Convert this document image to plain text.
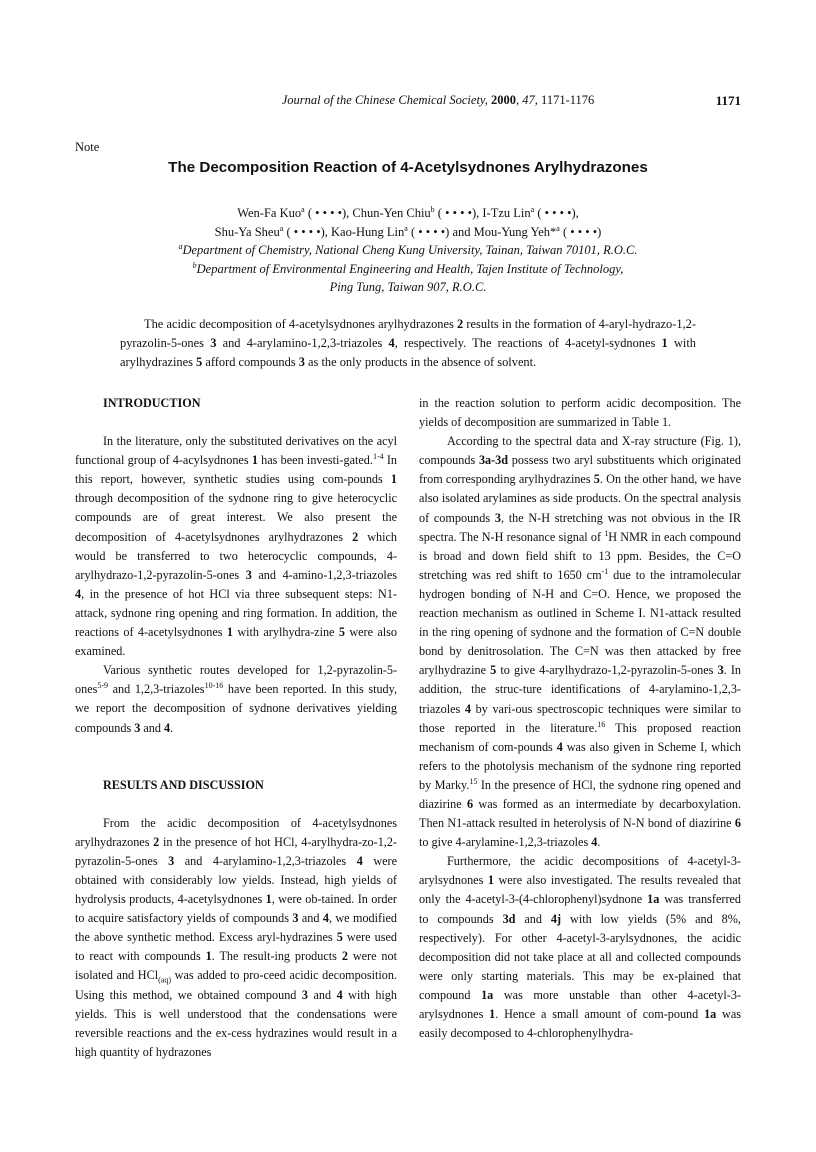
Journal of the Chinese Chemical Society, 2000, 47, 1171-1176	1171
Note
The Decomposition Reaction of 4-Acetylsydnones Arylhydrazones
Wen-Fa Kuo$^a$ ( • • • •), Chun-Yen Chiu$^b$ ( • • • •), I-Tzu Lin$^a$ ( • • • •),
Shu-Ya Sheu$^a$ ( • • • •), Kao-Hung Lin$^a$ ( • • • •) and Mou-Yung Yeh*$^a$ ( • • • •)
$^a$Department of Chemistry, National Cheng Kung University, Tainan, Taiwan 70101, R.O.C.
$^b$Department of Environmental Engineering and Health, Tajen Institute of Technology,
Ping Tung, Taiwan 907, R.O.C.
The acidic decomposition of 4-acetylsydnones arylhydrazones 2 results in the formation of 4-aryl-hydrazo-1,2-pyrazolin-5-ones 3 and 4-arylamino-1,2,3-triazoles 4, respectively. The reactions of 4-acetyl-sydnones 1 with arylhydrazines 5 afford compounds 3 as the only products in the absence of solvent.

INTRODUCTION

In the literature, only the substituted derivatives on the acyl functional group of 4-acylsydnones 1 has been investi-gated.$^{1-4}$ In this report, however, synthetic studies using com-pounds 1 through decomposition of the sydnone ring to give heterocyclic compounds are of great interest. We also present the decomposition of 4-acetylsydnones arylhydrazones 2 which would be transferred to two heterocyclic compounds, 4-arylhydrazo-1,2-pyrazolin-5-ones 3 and 4-amino-1,2,3-triazoles 4, in the presence of hot HCl via three subsequent steps: N1-attack, sydnone ring opening and ring formation. In addition, the reactions of 4-acetylsydnones 1 with arylhydra-zine 5 were also examined.

Various synthetic routes developed for 1,2-pyrazolin-5-ones$^{5-9}$ and 1,2,3-triazoles$^{10-16}$ have been reported. In this study, we report the decomposition of sydnone derivatives yielding compounds 3 and 4.

RESULTS AND DISCUSSION

From the acidic decomposition of 4-acetylsydnones arylhydrazones 2 in the presence of hot HCl, 4-arylhydra-zo-1,2-pyrazolin-5-ones 3 and 4-arylamino-1,2,3-triazoles 4 were obtained with considerably low yields. Instead, high yields of hydrolysis products, 4-acetylsydnones 1, were ob-tained. In order to acquire satisfactory yields of compounds 3 and 4, we modified the above synthetic method. Excess aryl-hydrazines 5 were used to react with compounds 1. The result-ing products 2 were not isolated and HCl$_{(aq)}$ was added to pro-ceed acidic decomposition. Using this method, we obtained compound 3 and 4 with high yields. This is well understood that the condensations were reversible reactions and the ex-cess hydrazines would result in a high quantity of hydrazones

in the reaction solution to perform acidic decomposition. The yields of decomposition are summarized in Table 1.

According to the spectral data and X-ray structure (Fig. 1), compounds 3a-3d possess two aryl substituents which originated from corresponding arylhydrazines 5. On the other hand, we have also isolated arylamines as side products. On the spectral analysis of compounds 3, the N-H stretching was not obvious in the IR spectra. The N-H resonance signal of $^1$H NMR in each compound is broad and down field shift to 13 ppm. Besides, the C=O stretching was red shift to 1650 $cm^{-1}$ due to the intramolecular hydrogen bonding of N-H and C=O. Hence, we proposed the reaction mechanism as outlined in Scheme I. N1-attack resulted in the ring opening of sydnone and the formation of C=N double bond by denitrosolation. The C=N was then attacked by free arylhydrazine 5 to give 4-arylhydrazo-1,2-pyrazolin-5-ones 3. In addition, the struc-ture identifications of 4-arylamino-1,2,3-triazoles 4 by vari-ous spectroscopic techniques were similar to those reported in the literature.$^{16}$ This proposed reaction mechanism of com-pounds 4 was also given in Scheme I, which refers to the photolysis mechanism of the sydnone ring reported by Marky.$^{15}$ In the presence of HCl, the sydnone ring opened and diazirine 6 was formed as an intermediate by decarboxylation. Then N1-attack resulted in heterolysis of N-N bond of diazirine 6 to give 4-arylamine-1,2,3-triazoles 4.

Furthermore, the acidic decompositions of 4-acetyl-3-arylsydnones 1 were also investigated. The results revealed that only the 4-acetyl-3-(4-chlorophenyl)sydnone 1a was transferred to compounds 3d and 4j with low yields (5% and 8%, respectively). For other 4-acetyl-3-arylsydnones, the acidic decomposition did not take place at all and collected compounds were only starting materials. This may be ex-plained that compound 1a was more unstable than other 4-acetyl-3-arylsydnones 1. Hence a small amount of com-pound 1a was easily decomposed to 4-chlorophenylhydra-
